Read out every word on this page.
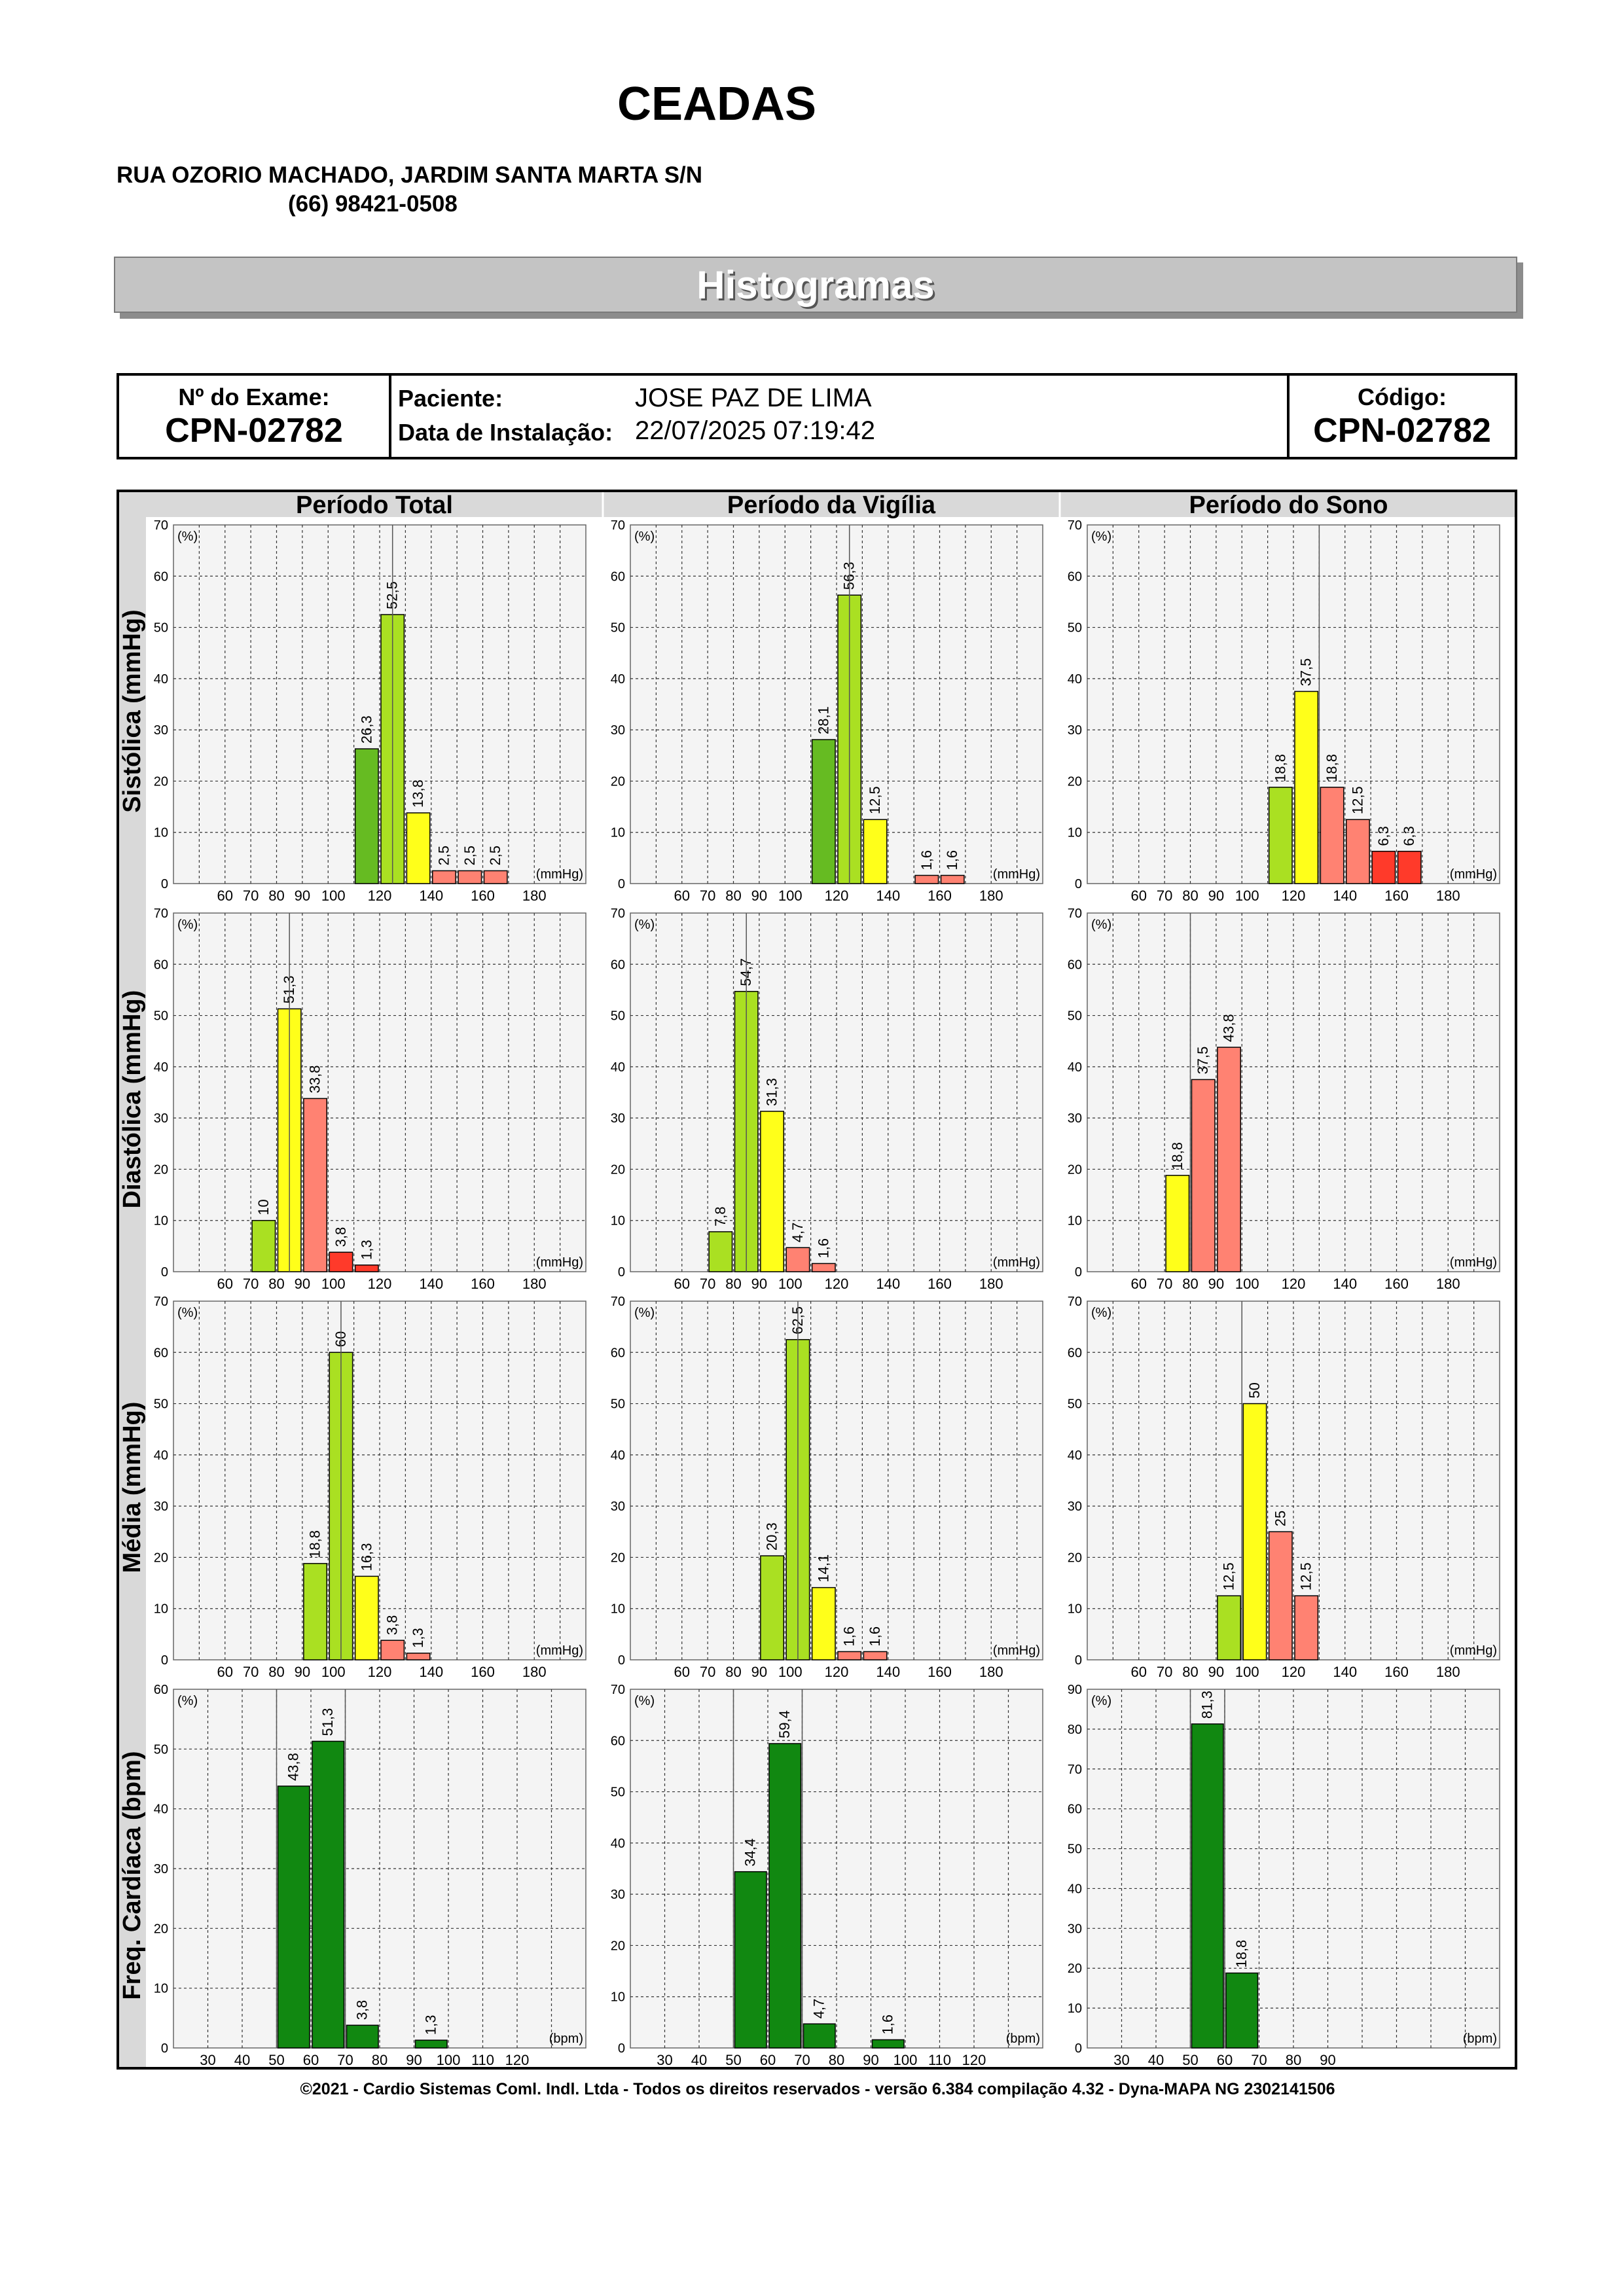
CEADAS
RUA OZORIO MACHADO, JARDIM SANTA MARTA S/N
(66) 98421-0508
Histogramas
Nº do Exame:
CPN-02782
Paciente:	JOSE PAZ DE LIMA
Data de Instalação: 22/07/2025 07:19:42
Código:
CPN-02782
Período Total	Período da Vigília	Período do Sono
Sistólica (mmHg)
Diastólica (mmHg)
Média (mmHg)
Freq. Cardíaca (bpm)
0
10
20
30
40
50
60
70
(%)
(mmHg)
60 70 80 90 100 120 140 160 180
26,3
52,5
13,8
2,5 2,5 2,5
0
10
20
30
40
50
60
70
(%)
(mmHg)
60 70 80 90 100 120 140 160 180
28,1
56,3
12,5
1,6 1,6
0
10
20
30
40
50
60
70
(%)
(mmHg)
60 70 80 90 100 120 140 160 180
18,8
37,5
18,8
12,5
6,3 6,3
0
10
20
30
40
50
60
70
(%)
(mmHg)
60 70 80 90 100 120 140 160 180
10
51,3
33,8
3,8
1,3
0
10
20
30
40
50
60
70
(%)
(mmHg)
60 70 80 90 100 120 140 160 180
7,8
54,7
31,3
4,7
1,6
0
10
20
30
40
50
60
70
(%)
(mmHg)
60 70 80 90 100 120 140 160 180
18,8
37,5
43,8
0
10
20
30
40
50
60
70
(%)
(mmHg)
60 70 80 90 100 120 140 160 180
18,8
60
16,3
3,8
1,3
0
10
20
30
40
50
60
70
(%)
(mmHg)
60 70 80 90 100 120 140 160 180
20,3
62,5
14,1
1,6 1,6
0
10
20
30
40
50
60
70
(%)
(mmHg)
60 70 80 90 100 120 140 160 180
12,5
50
25
12,5
0
10
20
30
40
50
60
(%)
(bpm)
30 40 50 60 70 80 90 100 110 120
43,8
51,3
3,8
1,3
0
10
20
30
40
50
60
70
(%)
(bpm)
30 40 50 60 70 80 90 100 110 120
34,4
59,4
4,7
1,6
0
10
20
30
40
50
60
70
80
90
(%)
(bpm)
30 40 50 60 70 80 90
81,3
18,8
©2021 - Cardio Sistemas Coml. Indl. Ltda - Todos os direitos reservados - versão 6.384 compilação 4.32 - Dyna-MAPA NG 2302141506
